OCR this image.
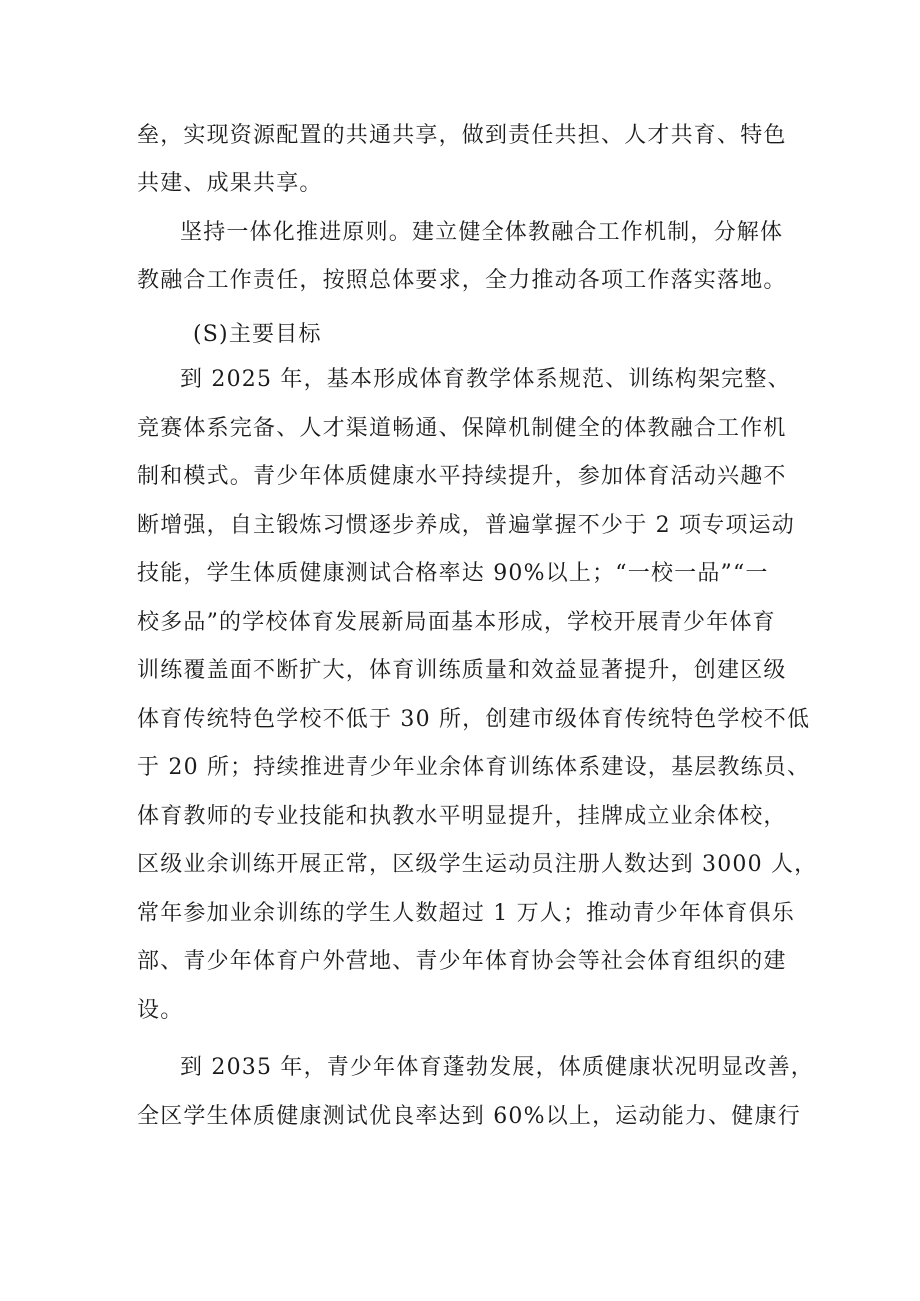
垒，实现资源配置的共通共享，做到责任共担、人才共育、特色
共建、成果共享。
坚持一体化推进原则。建立健全体教融合工作机制，分解体
教融合工作责任，按照总体要求，全力推动各项工作落实落地。
(S)主要目标
到 2025 年，基本形成体育教学体系规范、训练构架完整、
竞赛体系完备、人才渠道畅通、保障机制健全的体教融合工作机
制和模式。青少年体质健康水平持续提升，参加体育活动兴趣不
断增强，自主锻炼习惯逐步养成，普遍掌握不少于 2 项专项运动
技能，学生体质健康测试合格率达 90%以上；“一校一品”“一
校多品”的学校体育发展新局面基本形成，学校开展青少年体育
训练覆盖面不断扩大，体育训练质量和效益显著提升，创建区级
体育传统特色学校不低于 30 所，创建市级体育传统特色学校不低
于 20 所；持续推进青少年业余体育训练体系建设，基层教练员、
体育教师的专业技能和执教水平明显提升，挂牌成立业余体校，
区级业余训练开展正常，区级学生运动员注册人数达到 3000 人，
常年参加业余训练的学生人数超过 1 万人；推动青少年体育俱乐
部、青少年体育户外营地、青少年体育协会等社会体育组织的建
设。
到 2035 年，青少年体育蓬勃发展，体质健康状况明显改善，
全区学生体质健康测试优良率达到 60%以上，运动能力、健康行
